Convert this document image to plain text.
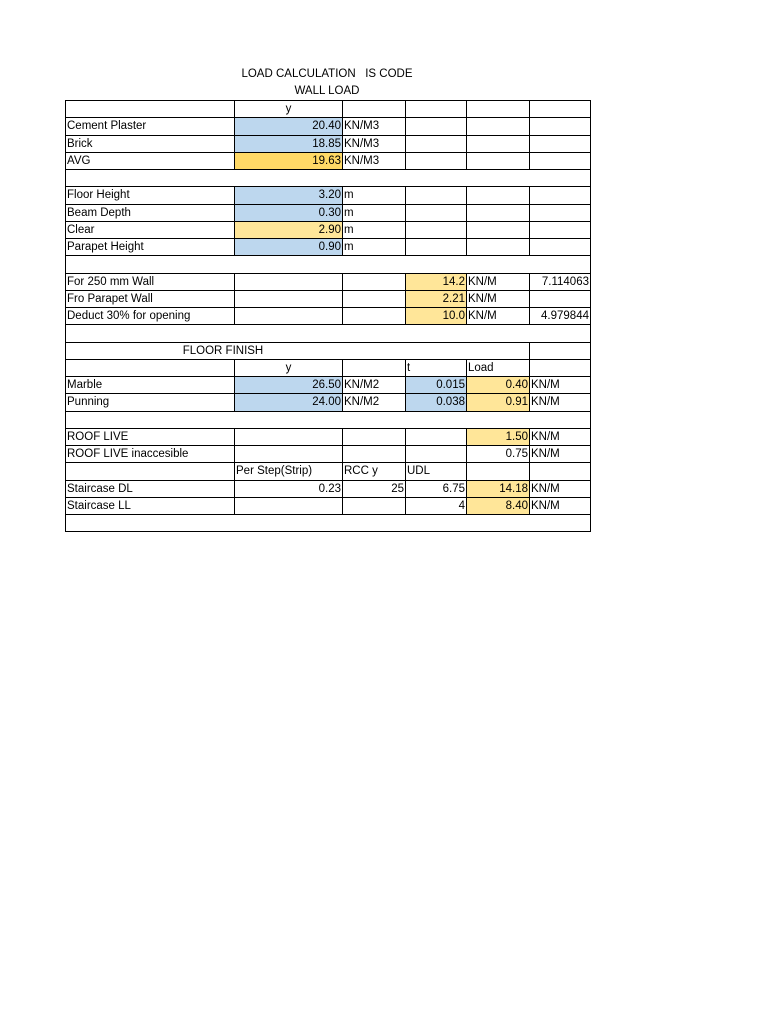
LOAD CALCULATION   IS CODE
WALL LOAD
	y				
Cement Plaster	20.40	KN/M3			
Brick	18.85	KN/M3			
AVG	19.63	KN/M3			

Floor Height	3.20	m			
Beam Depth	0.30	m			
Clear	2.90	m			
Parapet Height	0.90	m			

For 250 mm Wall			14.2	KN/M	7.114063
Fro Parapet Wall			2.21	KN/M	
Deduct 30% for opening			10.0	KN/M	4.979844

FLOOR FINISH					
	y		t	Load	
Marble	26.50	KN/M2	0.015	0.40	KN/M
Punning	24.00	KN/M2	0.038	0.91	KN/M

ROOF LIVE				1.50	KN/M
ROOF LIVE inaccesible				0.75	KN/M
	Per Step(Strip)	RCC y	UDL		
Staircase DL	0.23	25	6.75	14.18	KN/M
Staircase LL			4	8.40	KN/M
